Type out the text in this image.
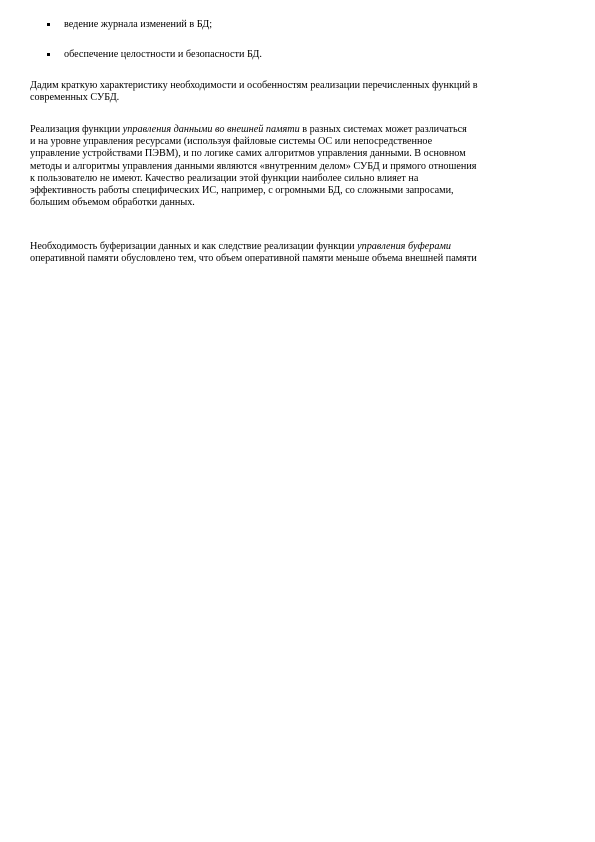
ведение журнала изменений в БД;
обеспечение целостности и безопасности БД.

Дадим краткую характеристику необходимости и особенностям реализации перечисленных функций в
современных СУБД.

Реализация функции управления данными во внешней памяти в разных системах может различаться
и на уровне управления ресурсами (используя файловые системы ОС или непосредственное
управление устройствами ПЭВМ), и по логике самих алгоритмов управления данными. В основном
методы и алгоритмы управления данными являются «внутренним делом» СУБД и прямого отношения
к пользователю не имеют. Качество реализации этой функции наиболее сильно влияет на
эффективность работы специфических ИС, например, с огромными БД, со сложными запросами,
большим объемом обработки данных.

Необходимость буферизации данных и как следствие реализации функции управления буферами
оперативной памяти обусловлено тем, что объем оперативной памяти меньше объема внешней памяти
